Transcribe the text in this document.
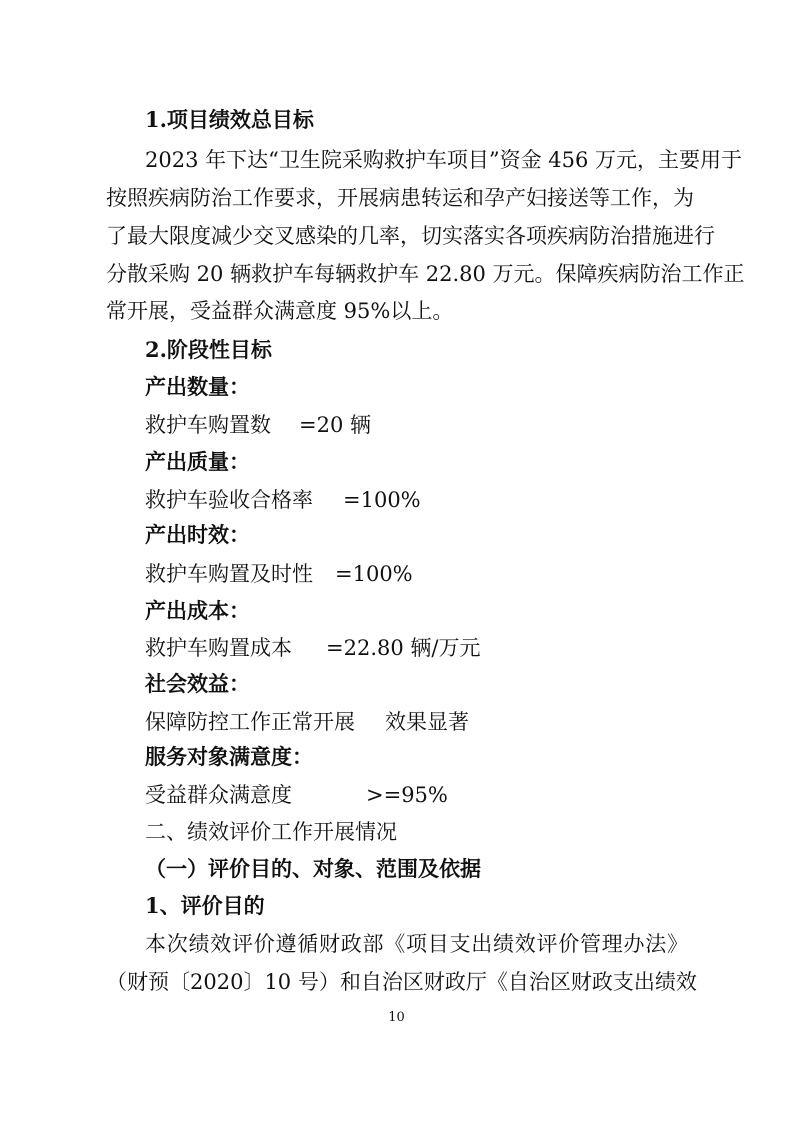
1.项目绩效总目标

2023 年下达“卫生院采购救护车项目”资金 456 万元，主要用于

按照疾病防治工作要求，开展病患转运和孕产妇接送等工作，为
了最大限度减少交叉感染的几率，切实落实各项疾病防治措施进行
分散采购 20 辆救护车每辆救护车 22.80 万元。保障疾病防治工作正

常开展，受益群众满意度 95%以上。

2.阶段性目标

产出数量：

救护车购置数 =20 辆

产出质量：

救护车验收合格率 =100%

产出时效：

救护车购置及时性 =100%

产出成本：

救护车购置成本 =22.80 辆/万元

社会效益：

保障防控工作正常开展 效果显著

服务对象满意度：

受益群众满意度	>=95%

二、绩效评价工作开展情况

（一）评价目的、对象、范围及依据

1、评价目的

本次绩效评价遵循财政部《项目支出绩效评价管理办法》
（财预〔2020〕10 号）和自治区财政厅《自治区财政支出绩效
10
